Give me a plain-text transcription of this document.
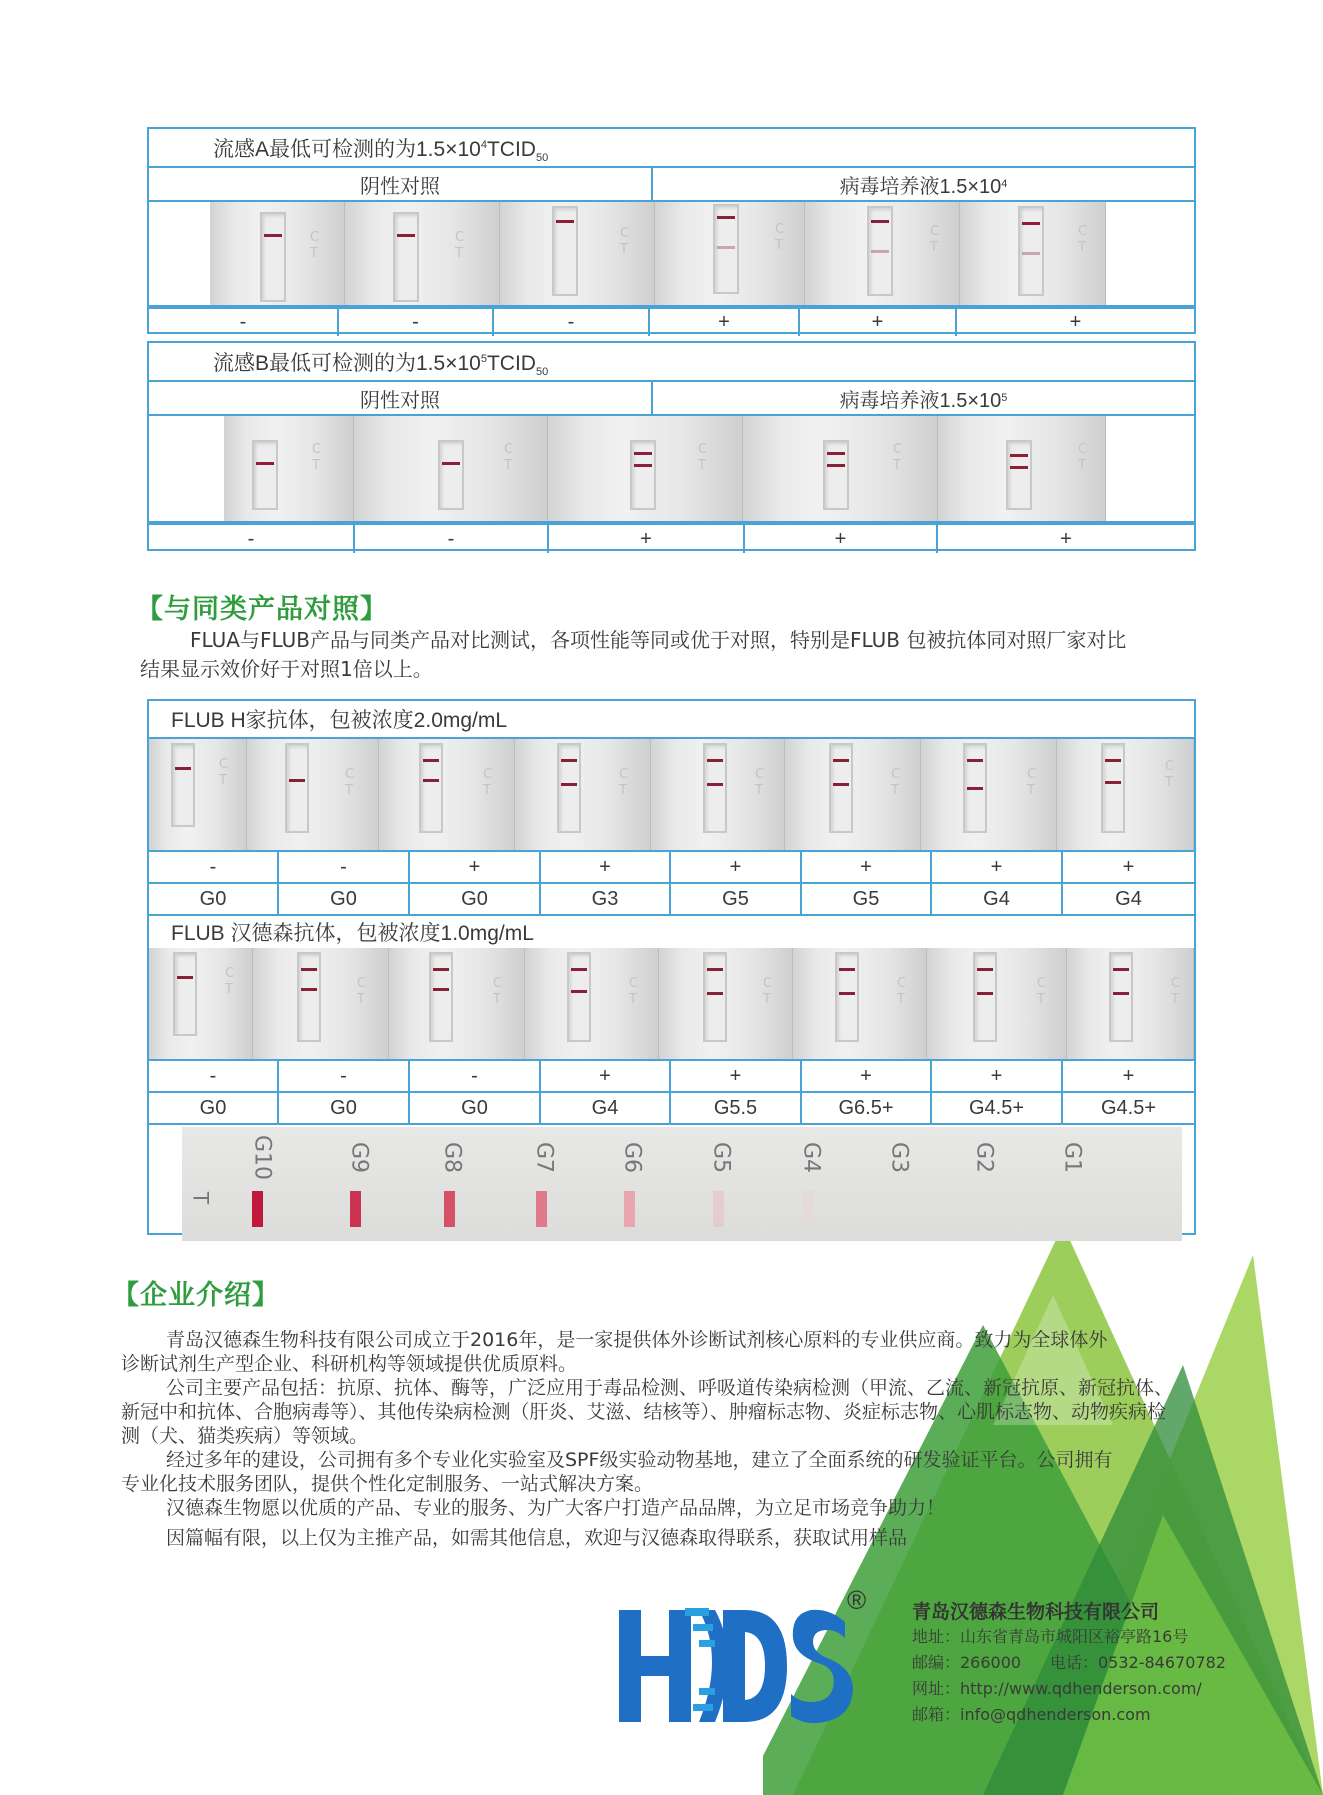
流感A最低可检测的为$1.5\times 10^4TCID_{50}$
阴性对照	病毒培养液1.5×10 4
C
T
C
T
C
T
C
T
C
T
C
T
-	-	-	+	+	+
流感B最低可检测的为$1.5\times 10^5TCID_{50}$
阴性对照	病毒培养液1.5×10 5
C
T
C
T
C
T
C
T
C
T
-	-	+	+	+
【与同类产品对照】
FLUA与FLUB产品与同类产品对比测试，各项性能等同或优于对照，特别是FLUB 包被抗体同对照厂家对比
结果显示效价好于对照1倍以上。
FLUB H家抗体，包被浓度2.0mg/mL
C
T	C
T
C
T
C
T
C
T
C
T
C
T
C
T
-	-	+	+	+	+	+	+
G0	G0	G0	G3	G5	G5	G4	G4
FLUB 汉德森抗体，包被浓度1.0mg/mL
C
T	C
T
C
T
C
T
C
T
C
T
C
T
C
T
-	-	-	+	+	+	+	+
G0	G0	G0	G4	G5.5	G6.5+	G4.5+	G4.5+
T
G10	G9	G8	G7	G6	G5	G4	G3	G2	G1
【企业介绍】
青岛汉德森生物科技有限公司成立于2016年，是一家提供体外诊断试剂核心原料的专业供应商。致力为全球体外
诊断试剂生产型企业、科研机构等领域提供优质原料。
公司主要产品包括：抗原、抗体、酶等，广泛应用于毒品检测、呼吸道传染病检测（甲流、乙流、新冠抗原、新冠抗体、
新冠中和抗体、合胞病毒等）、其他传染病检测（肝炎、艾滋、结核等）、肿瘤标志物、炎症标志物、心肌标志物、动物疾病检
测（犬、猫类疾病）等领域。
经过多年的建设，公司拥有多个专业化实验室及SPF级实验动物基地，建立了全面系统的研发验证平台。公司拥有
专业化技术服务团队，提供个性化定制服务、一站式解决方案。
汉德森生物愿以优质的产品、专业的服务、为广大客户打造产品品牌，为立足市场竞争助力！
因篇幅有限，以上仅为主推产品，如需其他信息，欢迎与汉德森取得联系，获取试用样品
® 青岛汉德森生物科技有限公司
地址：山东省青岛市城阳区裕亭路16号
邮编：266000 电话：0532-84670782
网址：http://www.qdhenderson.com/
邮箱：info@qdhenderson.com
